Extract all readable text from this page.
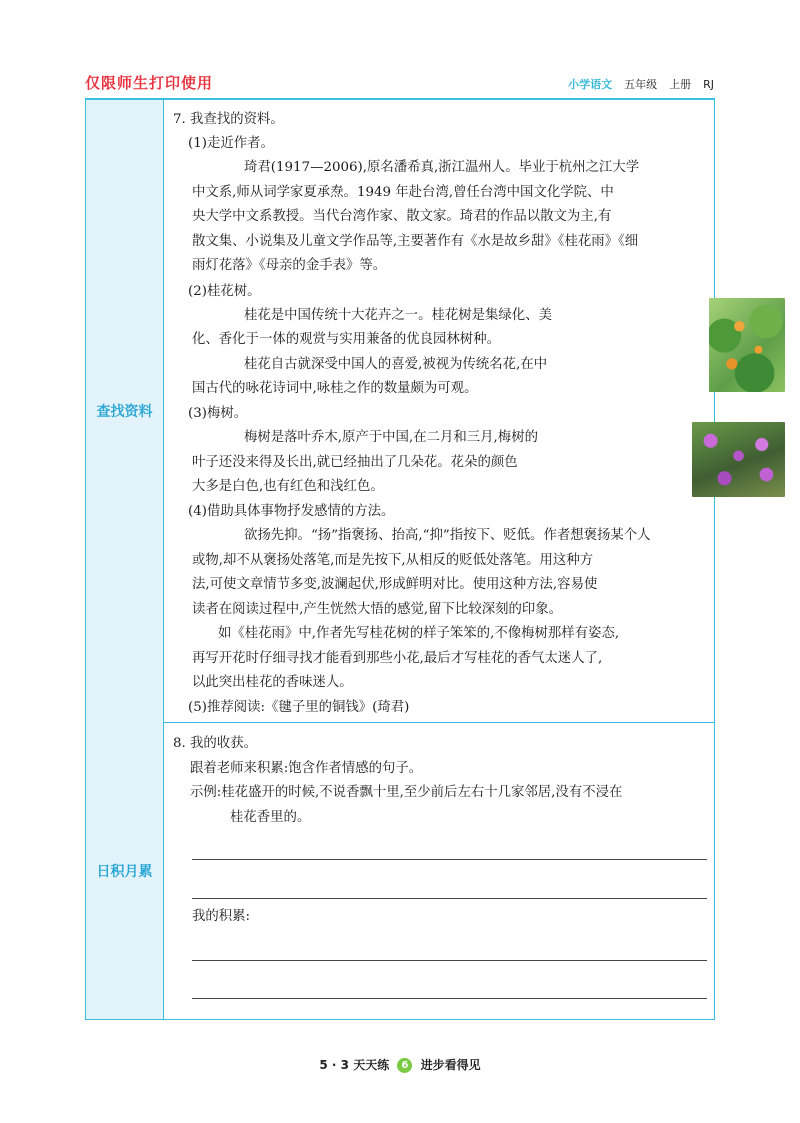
仅限师生打印使用	小学语文 五年级 上册 RJ
查找资料
7. 我查找的资料。
(1)走近作者。
琦君(1917—2006),原名潘希真,浙江温州人。毕业于杭州之江大学
中文系,师从词学家夏承焘。1949 年赴台湾,曾任台湾中国文化学院、中
央大学中文系教授。当代台湾作家、散文家。琦君的作品以散文为主,有
散文集、小说集及儿童文学作品等,主要著作有《水是故乡甜》《桂花雨》《细
雨灯花落》《母亲的金手表》等。
(2)桂花树。
桂花是中国传统十大花卉之一。桂花树是集绿化、美
化、香化于一体的观赏与实用兼备的优良园林树种。
桂花自古就深受中国人的喜爱,被视为传统名花,在中
国古代的咏花诗词中,咏桂之作的数量颇为可观。
(3)梅树。
梅树是落叶乔木,原产于中国,在二月和三月,梅树的
叶子还没来得及长出,就已经抽出了几朵花。花朵的颜色
大多是白色,也有红色和浅红色。
(4)借助具体事物抒发感情的方法。
欲扬先抑。“扬”指褒扬、抬高,“抑”指按下、贬低。作者想褒扬某个人
或物,却不从褒扬处落笔,而是先按下,从相反的贬低处落笔。用这种方
法,可使文章情节多变,波澜起伏,形成鲜明对比。使用这种方法,容易使
读者在阅读过程中,产生恍然大悟的感觉,留下比较深刻的印象。
如《桂花雨》中,作者先写桂花树的样子笨笨的,不像梅树那样有姿态,
再写开花时仔细寻找才能看到那些小花,最后才写桂花的香气太迷人了,
以此突出桂花的香味迷人。
(5)推荐阅读:《毽子里的铜钱》(琦君)
日积月累
8. 我的收获。
跟着老师来积累:饱含作者情感的句子。
示例:桂花盛开的时候,不说香飘十里,至少前后左右十几家邻居,没有不浸在
桂花香里的。
我的积累:
5 · 3 天天练 6 进步看得见
